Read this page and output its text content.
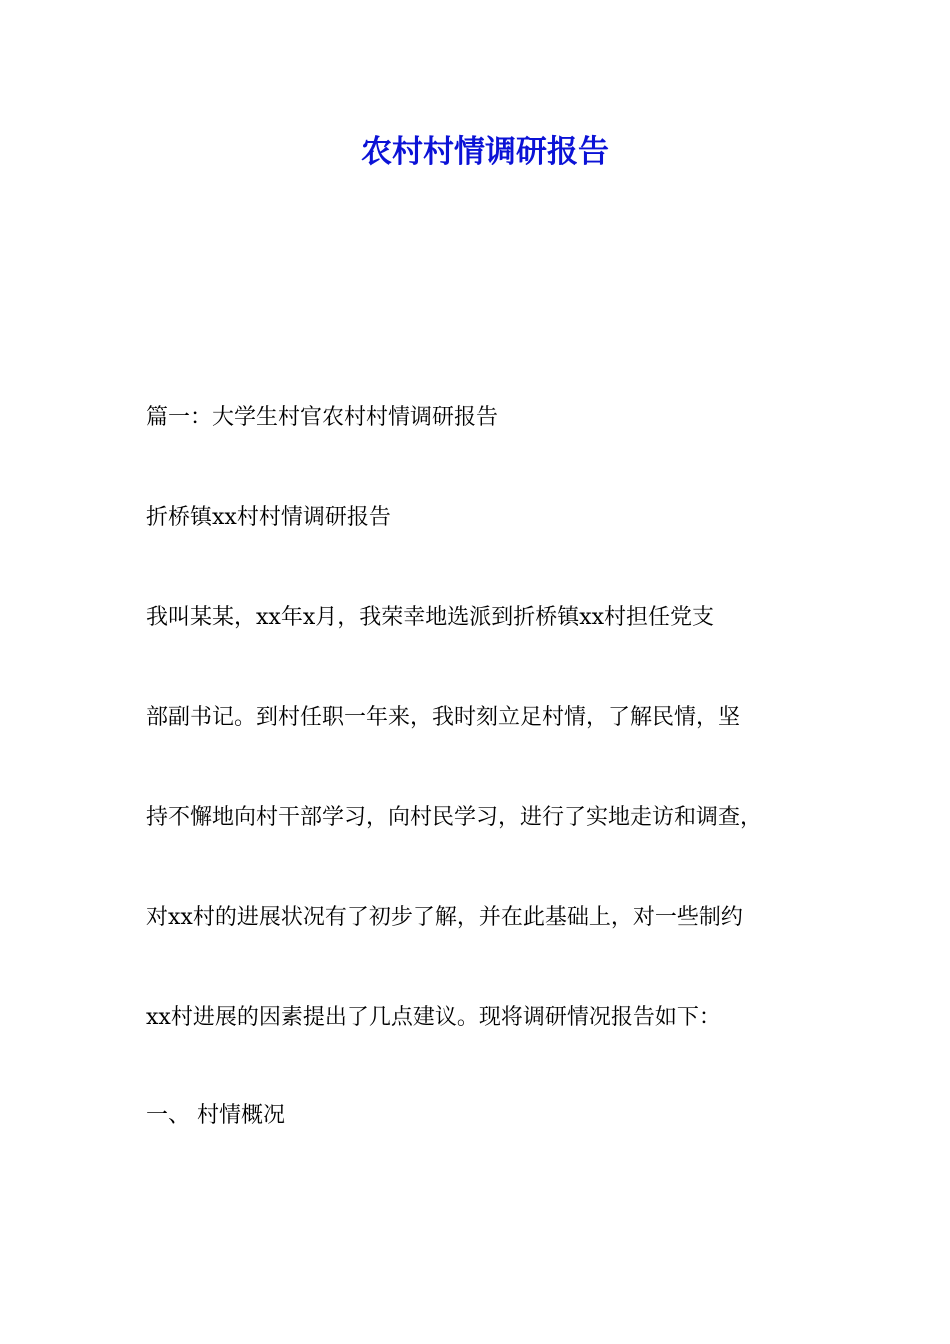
农村村情调研报告
篇一：大学生村官农村村情调研报告
折桥镇xx村村情调研报告
我叫某某，xx年x月，我荣幸地选派到折桥镇xx村担任党支
部副书记。到村任职一年来，我时刻立足村情，了解民情，坚
持不懈地向村干部学习，向村民学习，进行了实地走访和调查，
对xx村的进展状况有了初步了解，并在此基础上，对一些制约
xx村进展的因素提出了几点建议。现将调研情况报告如下：
一、 村情概况
